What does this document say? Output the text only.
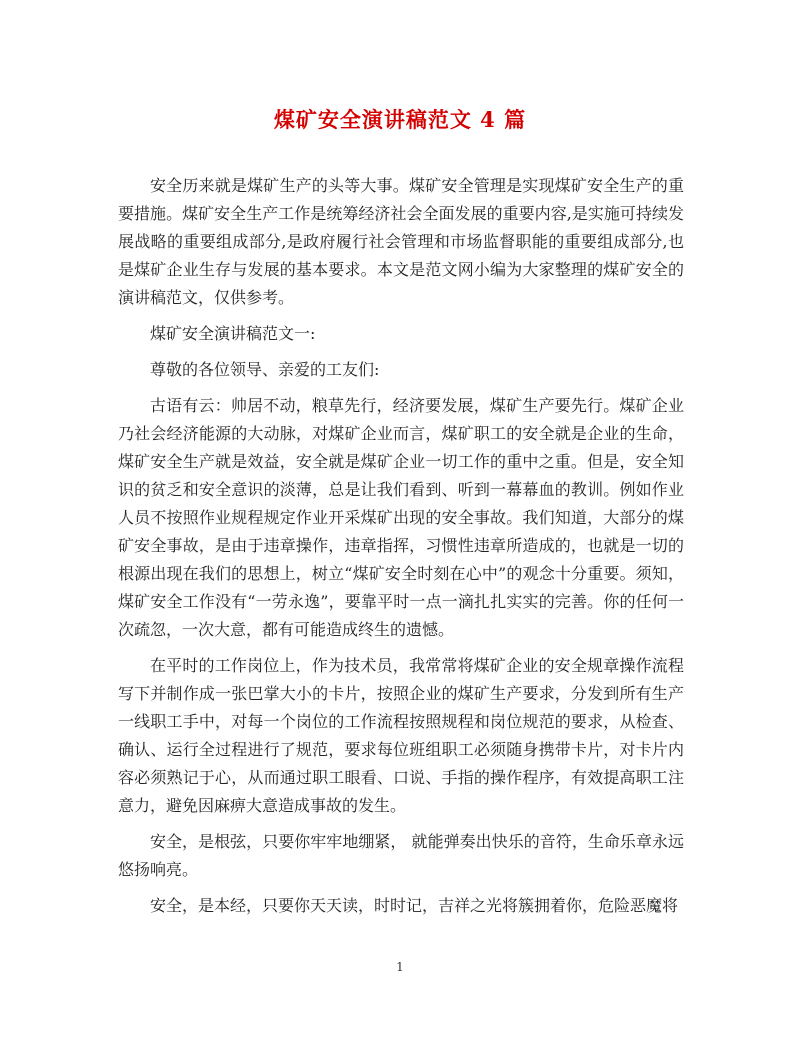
煤矿安全演讲稿范文 4 篇

安全历来就是煤矿生产的头等大事。煤矿安全管理是实现煤矿安全生产的重要措施。煤矿安全生产工作是统筹经济社会全面发展的重要内容,是实施可持续发展战略的重要组成部分,是政府履行社会管理和市场监督职能的重要组成部分,也是煤矿企业生存与发展的基本要求。本文是范文网小编为大家整理的煤矿安全的演讲稿范文，仅供参考。

煤矿安全演讲稿范文一:

尊敬的各位领导、亲爱的工友们:

古语有云：帅居不动，粮草先行，经济要发展，煤矿生产要先行。煤矿企业乃社会经济能源的大动脉，对煤矿企业而言，煤矿职工的安全就是企业的生命，煤矿安全生产就是效益，安全就是煤矿企业一切工作的重中之重。但是，安全知识的贫乏和安全意识的淡薄，总是让我们看到、听到一幕幕血的教训。例如作业人员不按照作业规程规定作业开采煤矿出现的安全事故。我们知道，大部分的煤矿安全事故，是由于违章操作，违章指挥，习惯性违章所造成的，也就是一切的根源出现在我们的思想上，树立“煤矿安全时刻在心中”的观念十分重要。须知，煤矿安全工作没有“一劳永逸”，要靠平时一点一滴扎扎实实的完善。你的任何一次疏忽，一次大意，都有可能造成终生的遗憾。

在平时的工作岗位上，作为技术员，我常常将煤矿企业的安全规章操作流程写下并制作成一张巴掌大小的卡片，按照企业的煤矿生产要求，分发到所有生产一线职工手中，对每一个岗位的工作流程按照规程和岗位规范的要求，从检查、确认、运行全过程进行了规范，要求每位班组职工必须随身携带卡片，对卡片内容必须熟记于心，从而通过职工眼看、口说、手指的操作程序，有效提高职工注意力，避免因麻痹大意造成事故的发生。

安全，是根弦，只要你牢牢地绷紧， 就能弹奏出快乐的音符，生命乐章永远悠扬响亮。

安全，是本经，只要你天天读，时时记，吉祥之光将簇拥着你，危险恶魔将

1
